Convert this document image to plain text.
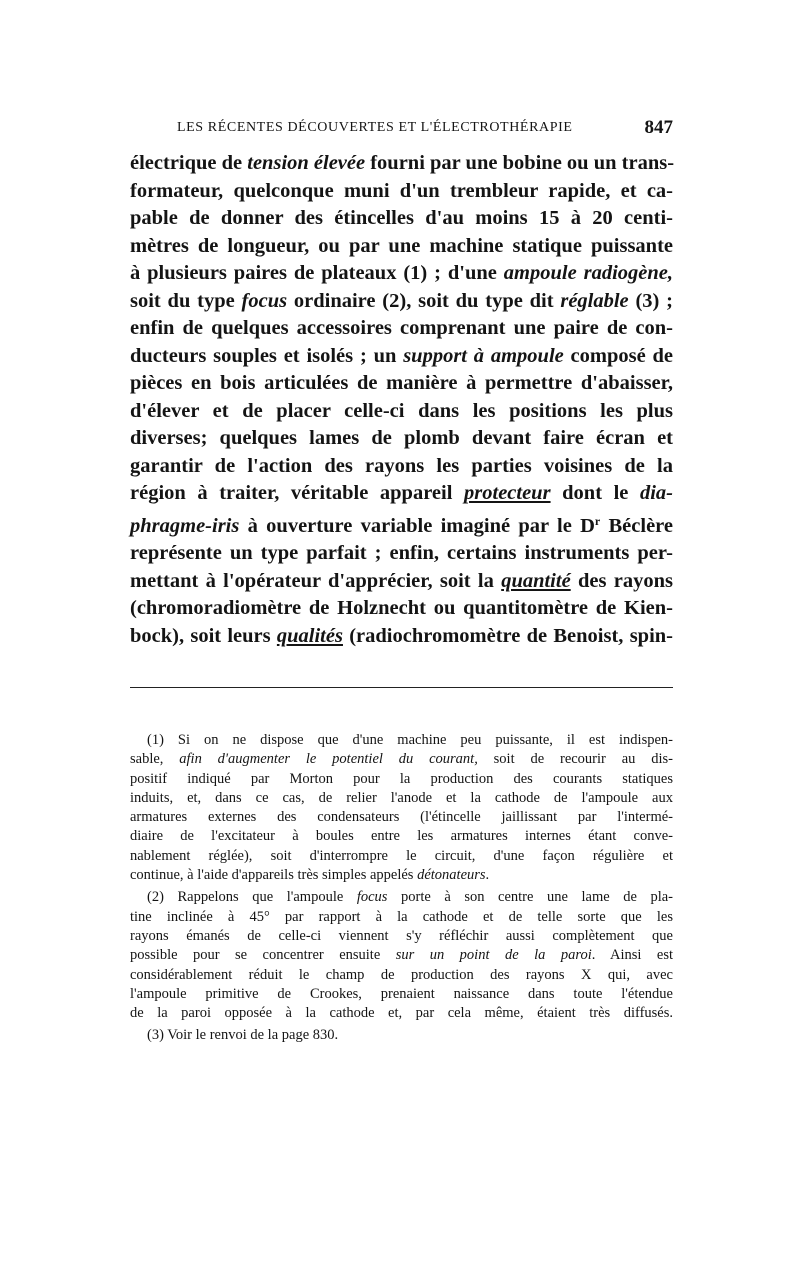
LES RÉCENTES DÉCOUVERTES ET L'ÉLECTROTHÉRAPIE	847
électrique de tension élevée fourni par une bobine ou un trans-
formateur, quelconque muni d'un trembleur rapide, et ca-
pable de donner des étincelles d'au moins 15 à 20 centi-
mètres de longueur, ou par une machine statique puissante
à plusieurs paires de plateaux (1) ; d'une ampoule radiogène,
soit du type focus ordinaire (2), soit du type dit réglable (3) ;
enfin de quelques accessoires comprenant une paire de con-
ducteurs souples et isolés ; un support à ampoule composé de
pièces en bois articulées de manière à permettre d'abaisser,
d'élever et de placer celle-ci dans les positions les plus
diverses; quelques lames de plomb devant faire écran et
garantir de l'action des rayons les parties voisines de la
région à traiter, véritable appareil protecteur dont le dia-
phragme-iris à ouverture variable imaginé par le $D^r$ Béclère
représente un type parfait ; enfin, certains instruments per-
mettant à l'opérateur d'apprécier, soit la quantité des rayons
(chromoradiomètre de Holznecht ou quantitomètre de Kien-
bock), soit leurs qualités (radiochromomètre de Benoist, spin-
(1) Si on ne dispose que d'une machine peu puissante, il est indispen-
sable, afin d'augmenter le potentiel du courant, soit de recourir au dis-
positif indiqué par Morton pour la production des courants statiques
induits, et, dans ce cas, de relier l'anode et la cathode de l'ampoule aux
armatures externes des condensateurs (l'étincelle jaillissant par l'intermé-
diaire de l'excitateur à boules entre les armatures internes étant conve-
nablement réglée), soit d'interrompre le circuit, d'une façon régulière et
continue, à l'aide d'appareils très simples appelés détonateurs.
(2) Rappelons que l'ampoule focus porte à son centre une lame de pla-
tine inclinée à 45° par rapport à la cathode et de telle sorte que les
rayons émanés de celle-ci viennent s'y réfléchir aussi complètement que
possible pour se concentrer ensuite sur un point de la paroi. Ainsi est
considérablement réduit le champ de production des rayons X qui, avec
l'ampoule primitive de Crookes, prenaient naissance dans toute l'étendue
de la paroi opposée à la cathode et, par cela même, étaient très diffusés.
(3) Voir le renvoi de la page 830.
